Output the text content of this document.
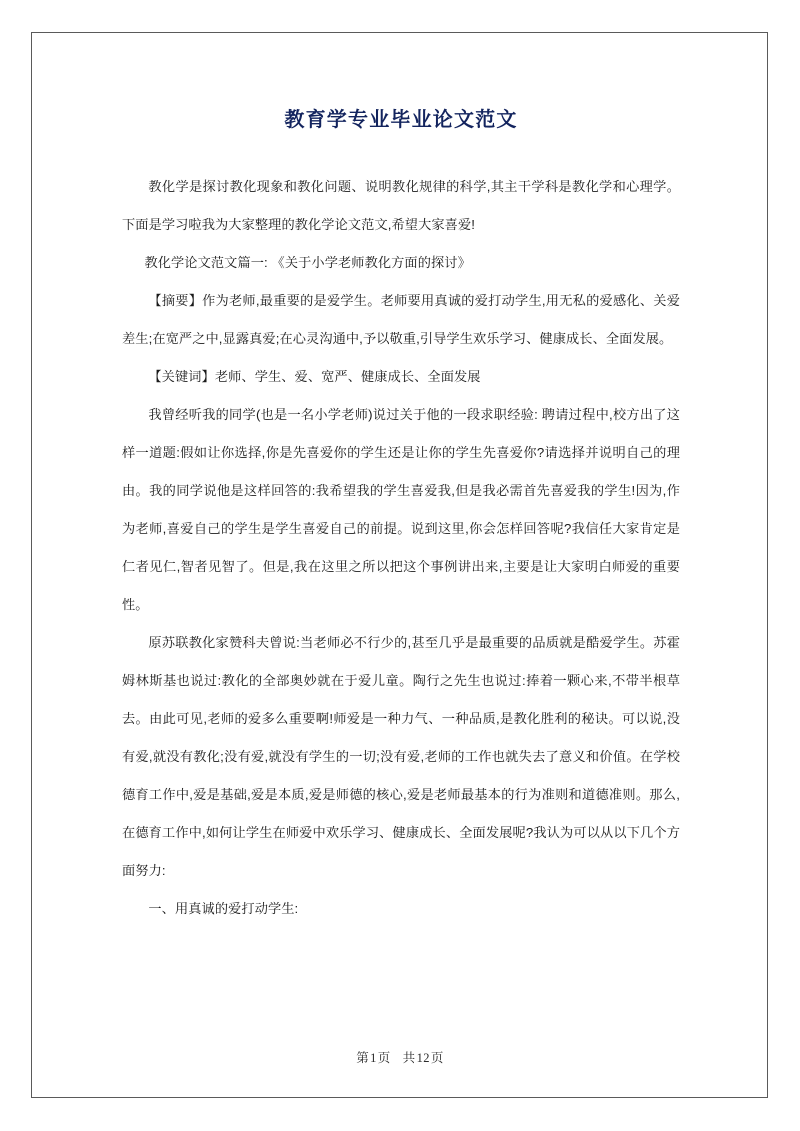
教育学专业毕业论文范文

教化学是探讨教化现象和教化问题、说明教化规律的科学,其主干学科是教化学和心理学。下面是学习啦我为大家整理的教化学论文范文,希望大家喜爱!

教化学论文范文篇一: 《关于小学老师教化方面的探讨》

【摘要】作为老师,最重要的是爱学生。老师要用真诚的爱打动学生,用无私的爱感化、关爱差生;在宽严之中,显露真爱;在心灵沟通中,予以敬重,引导学生欢乐学习、健康成长、全面发展。

【关键词】老师、学生、爱、宽严、健康成长、全面发展

我曾经听我的同学(也是一名小学老师)说过关于他的一段求职经验: 聘请过程中,校方出了这样一道题:假如让你选择,你是先喜爱你的学生还是让你的学生先喜爱你?请选择并说明自己的理由。我的同学说他是这样回答的:我希望我的学生喜爱我,但是我必需首先喜爱我的学生!因为,作为老师,喜爱自己的学生是学生喜爱自己的前提。说到这里,你会怎样回答呢?我信任大家肯定是仁者见仁,智者见智了。但是,我在这里之所以把这个事例讲出来,主要是让大家明白师爱的重要性。

原苏联教化家赞科夫曾说:当老师必不行少的,甚至几乎是最重要的品质就是酷爱学生。苏霍姆林斯基也说过:教化的全部奥妙就在于爱儿童。陶行之先生也说过:捧着一颗心来,不带半根草去。由此可见,老师的爱多么重要啊!师爱是一种力气、一种品质,是教化胜利的秘诀。可以说,没有爱,就没有教化;没有爱,就没有学生的一切;没有爱,老师的工作也就失去了意义和价值。在学校德育工作中,爱是基础,爱是本质,爱是师德的核心,爱是老师最基本的行为准则和道德准则。那么,在德育工作中,如何让学生在师爱中欢乐学习、健康成长、全面发展呢?我认为可以从以下几个方面努力:

一、用真诚的爱打动学生:

第1页 共12页
